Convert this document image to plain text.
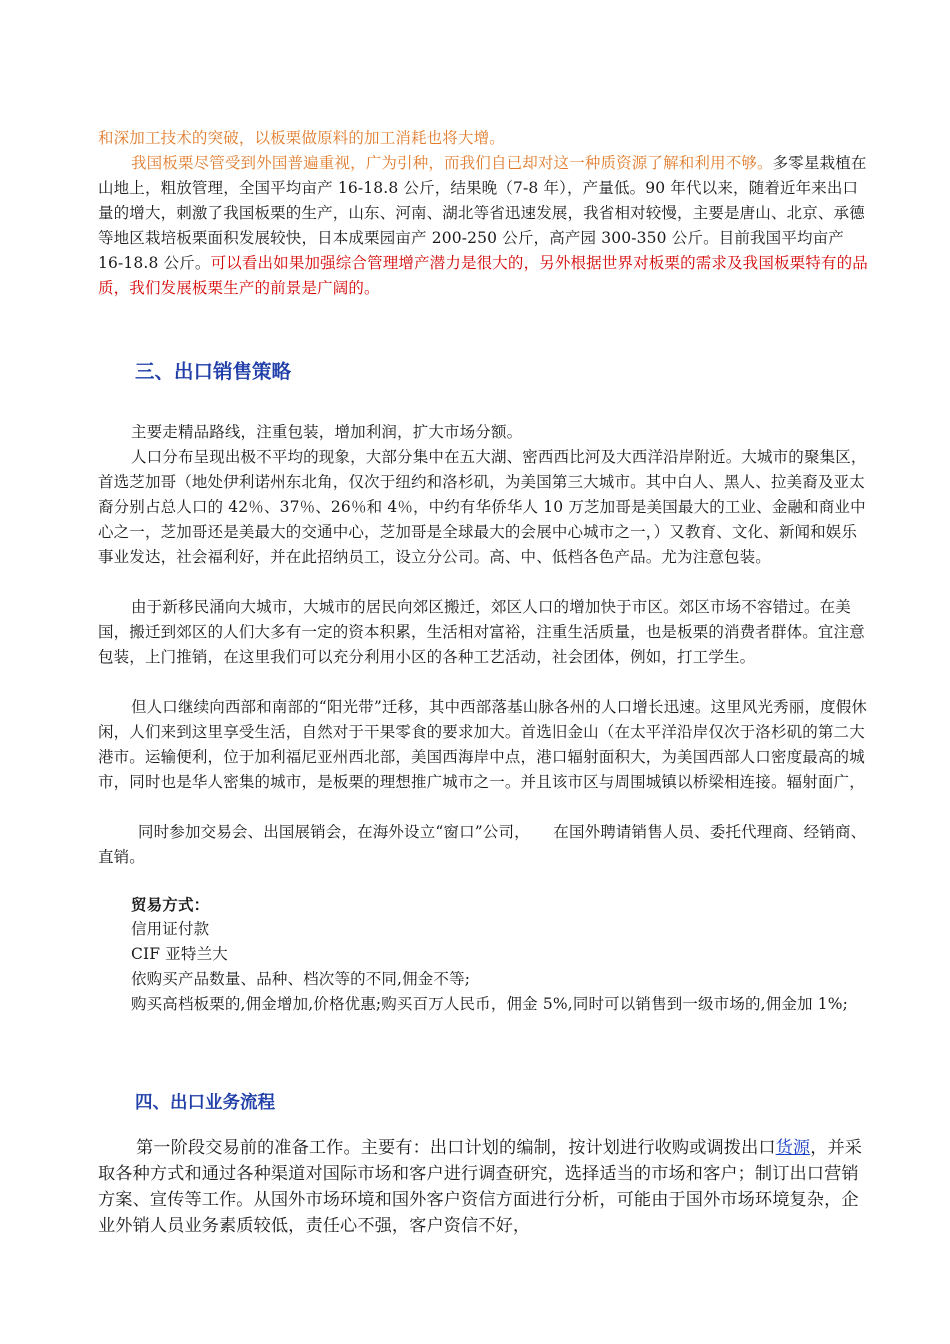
和深加工技术的突破，以板栗做原料的加工消耗也将大增。

我国板栗尽管受到外国普遍重视，广为引种，而我们自已却对这一种质资源了解和利用不够。多零星栽植在山地上，粗放管理，全国平均亩产 16-18.8 公斤，结果晚（7-8 年），产量低。90 年代以来，随着近年来出口量的增大，刺激了我国板栗的生产，山东、河南、湖北等省迅速发展，我省相对较慢，主要是唐山、北京、承德等地区栽培板栗面积发展较快，日本成栗园亩产 200-250 公斤，高产园 300-350 公斤。目前我国平均亩产 16-18.8 公斤。可以看出如果加强综合管理增产潜力是很大的，另外根据世界对板栗的需求及我国板栗特有的品质，我们发展板栗生产的前景是广阔的。

三、出口销售策略

主要走精品路线，注重包装，增加利润，扩大市场分额。

人口分布呈现出极不平均的现象，大部分集中在五大湖、密西西比河及大西洋沿岸附近。大城市的聚集区，首选芝加哥（地处伊利诺州东北角，仅次于纽约和洛杉矶，为美国第三大城市。其中白人、黑人、拉美裔及亚太裔分别占总人口的 42％、37％、26％和 4％，中约有华侨华人 10 万芝加哥是美国最大的工业、金融和商业中心之一，芝加哥还是美最大的交通中心，芝加哥是全球最大的会展中心城市之一，）又教育、文化、新闻和娱乐事业发达，社会福利好，并在此招纳员工，设立分公司。高、中、低档各色产品。尤为注意包装。

由于新移民涌向大城市，大城市的居民向郊区搬迁，郊区人口的增加快于市区。郊区市场不容错过。在美国，搬迁到郊区的人们大多有一定的资本积累，生活相对富裕，注重生活质量，也是板栗的消费者群体。宜注意包装，上门推销，在这里我们可以充分利用小区的各种工艺活动，社会团体，例如，打工学生。

但人口继续向西部和南部的“阳光带”迁移，其中西部落基山脉各州的人口增长迅速。这里风光秀丽，度假休闲，人们来到这里享受生活，自然对于干果零食的要求加大。首选旧金山（在太平洋沿岸仅次于洛杉矶的第二大港市。运输便利，位于加利福尼亚州西北部，美国西海岸中点，港口辐射面积大，为美国西部人口密度最高的城市，同时也是华人密集的城市，是板栗的理想推广城市之一。并且该市区与周围城镇以桥梁相连接。辐射面广，

同时参加交易会、出国展销会，在海外设立“窗口”公司，　　在国外聘请销售人员、委托代理商、经销商、直销。

贸易方式：

信用证付款

CIF 亚特兰大

依购买产品数量、品种、档次等的不同,佣金不等;

购买高档板栗的,佣金增加,价格优惠;购买百万人民币，佣金 5%,同时可以销售到一级市场的,佣金加 1%;

四、出口业务流程

第一阶段交易前的准备工作。主要有：出口计划的编制，按计划进行收购或调拨出口货源，并采取各种方式和通过各种渠道对国际市场和客户进行调查研究，选择适当的市场和客户；制订出口营销方案、宣传等工作。从国外市场环境和国外客户资信方面进行分析，可能由于国外市场环境复杂，企业外销人员业务素质较低，责任心不强，客户资信不好，
